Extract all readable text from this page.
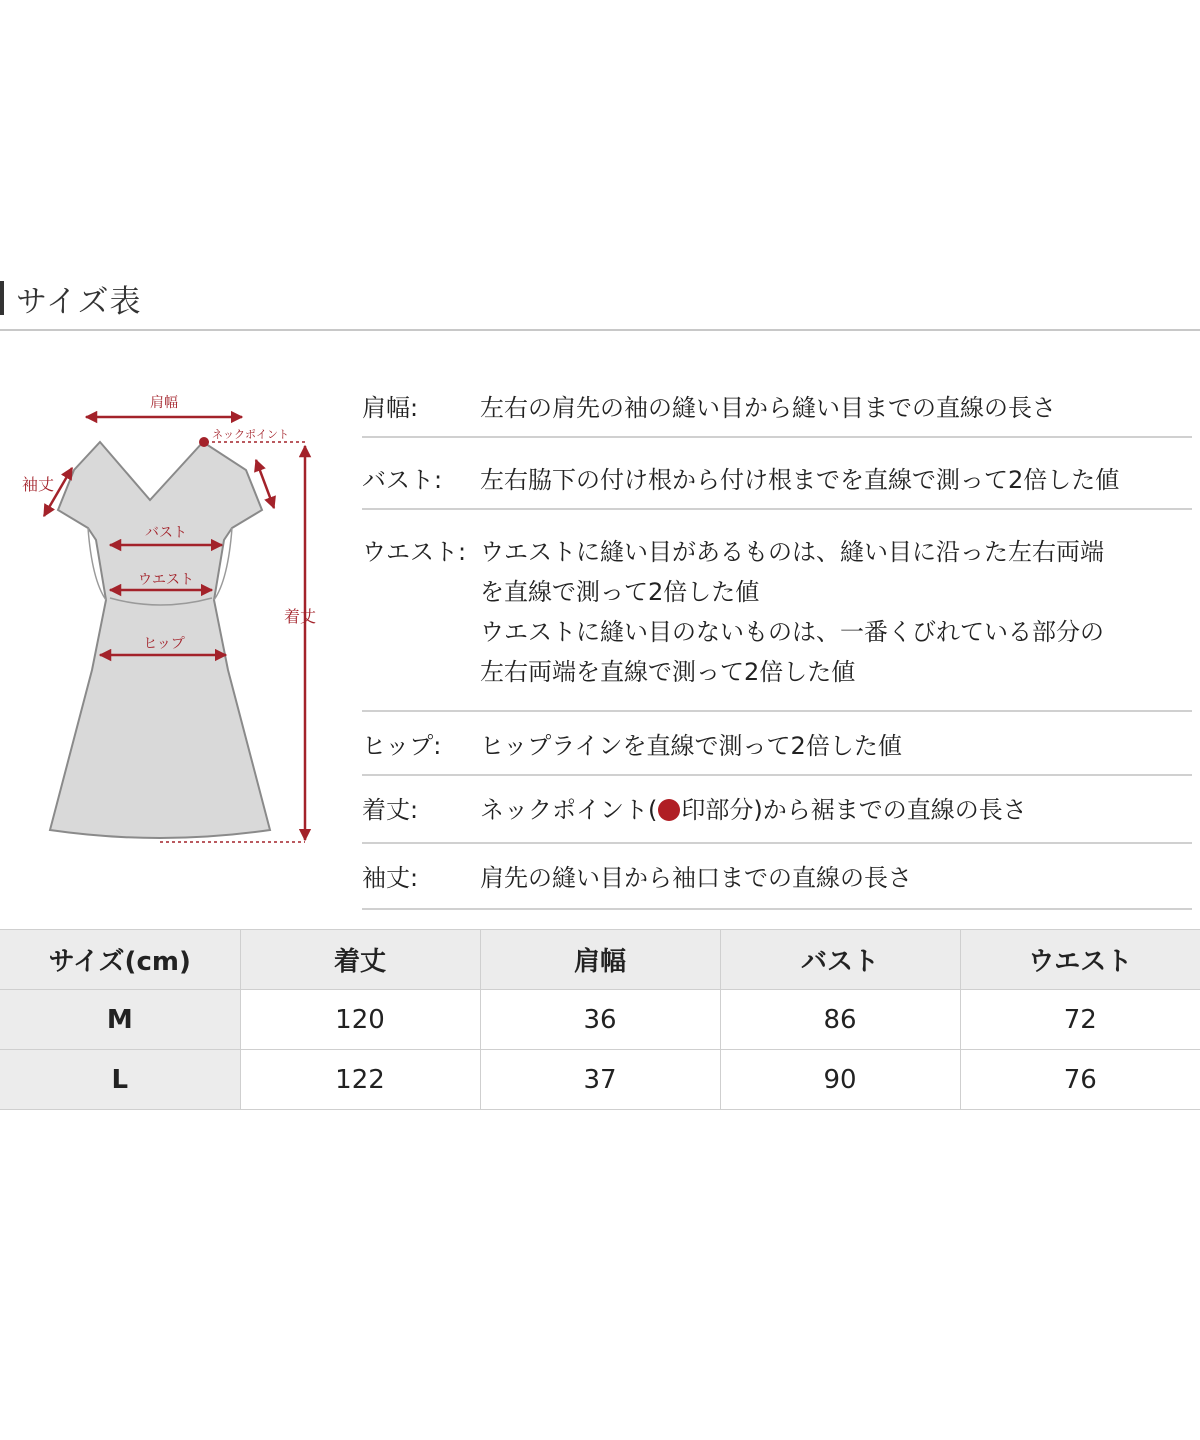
サイズ表
肩幅
ネックポイント
袖丈
バスト
ウエスト
ヒップ
着丈
肩幅:	左右の肩先の袖の縫い目から縫い目までの直線の長さ
バスト:	左右脇下の付け根から付け根までを直線で測って2倍した値
ウエスト: ウエストに縫い目があるものは、縫い目に沿った左右両端
を直線で測って2倍した値
ウエストに縫い目のないものは、一番くびれている部分の
左右両端を直線で測って2倍した値
ヒップ:	ヒップラインを直線で測って2倍した値
着丈:	ネックポイント( 印部分)から裾までの直線の長さ
袖丈:	肩先の縫い目から袖口までの直線の長さ
サイズ(cm)	着丈	肩幅	バスト	ウエスト
M	120	36	86	72
L	122	37	90	76
